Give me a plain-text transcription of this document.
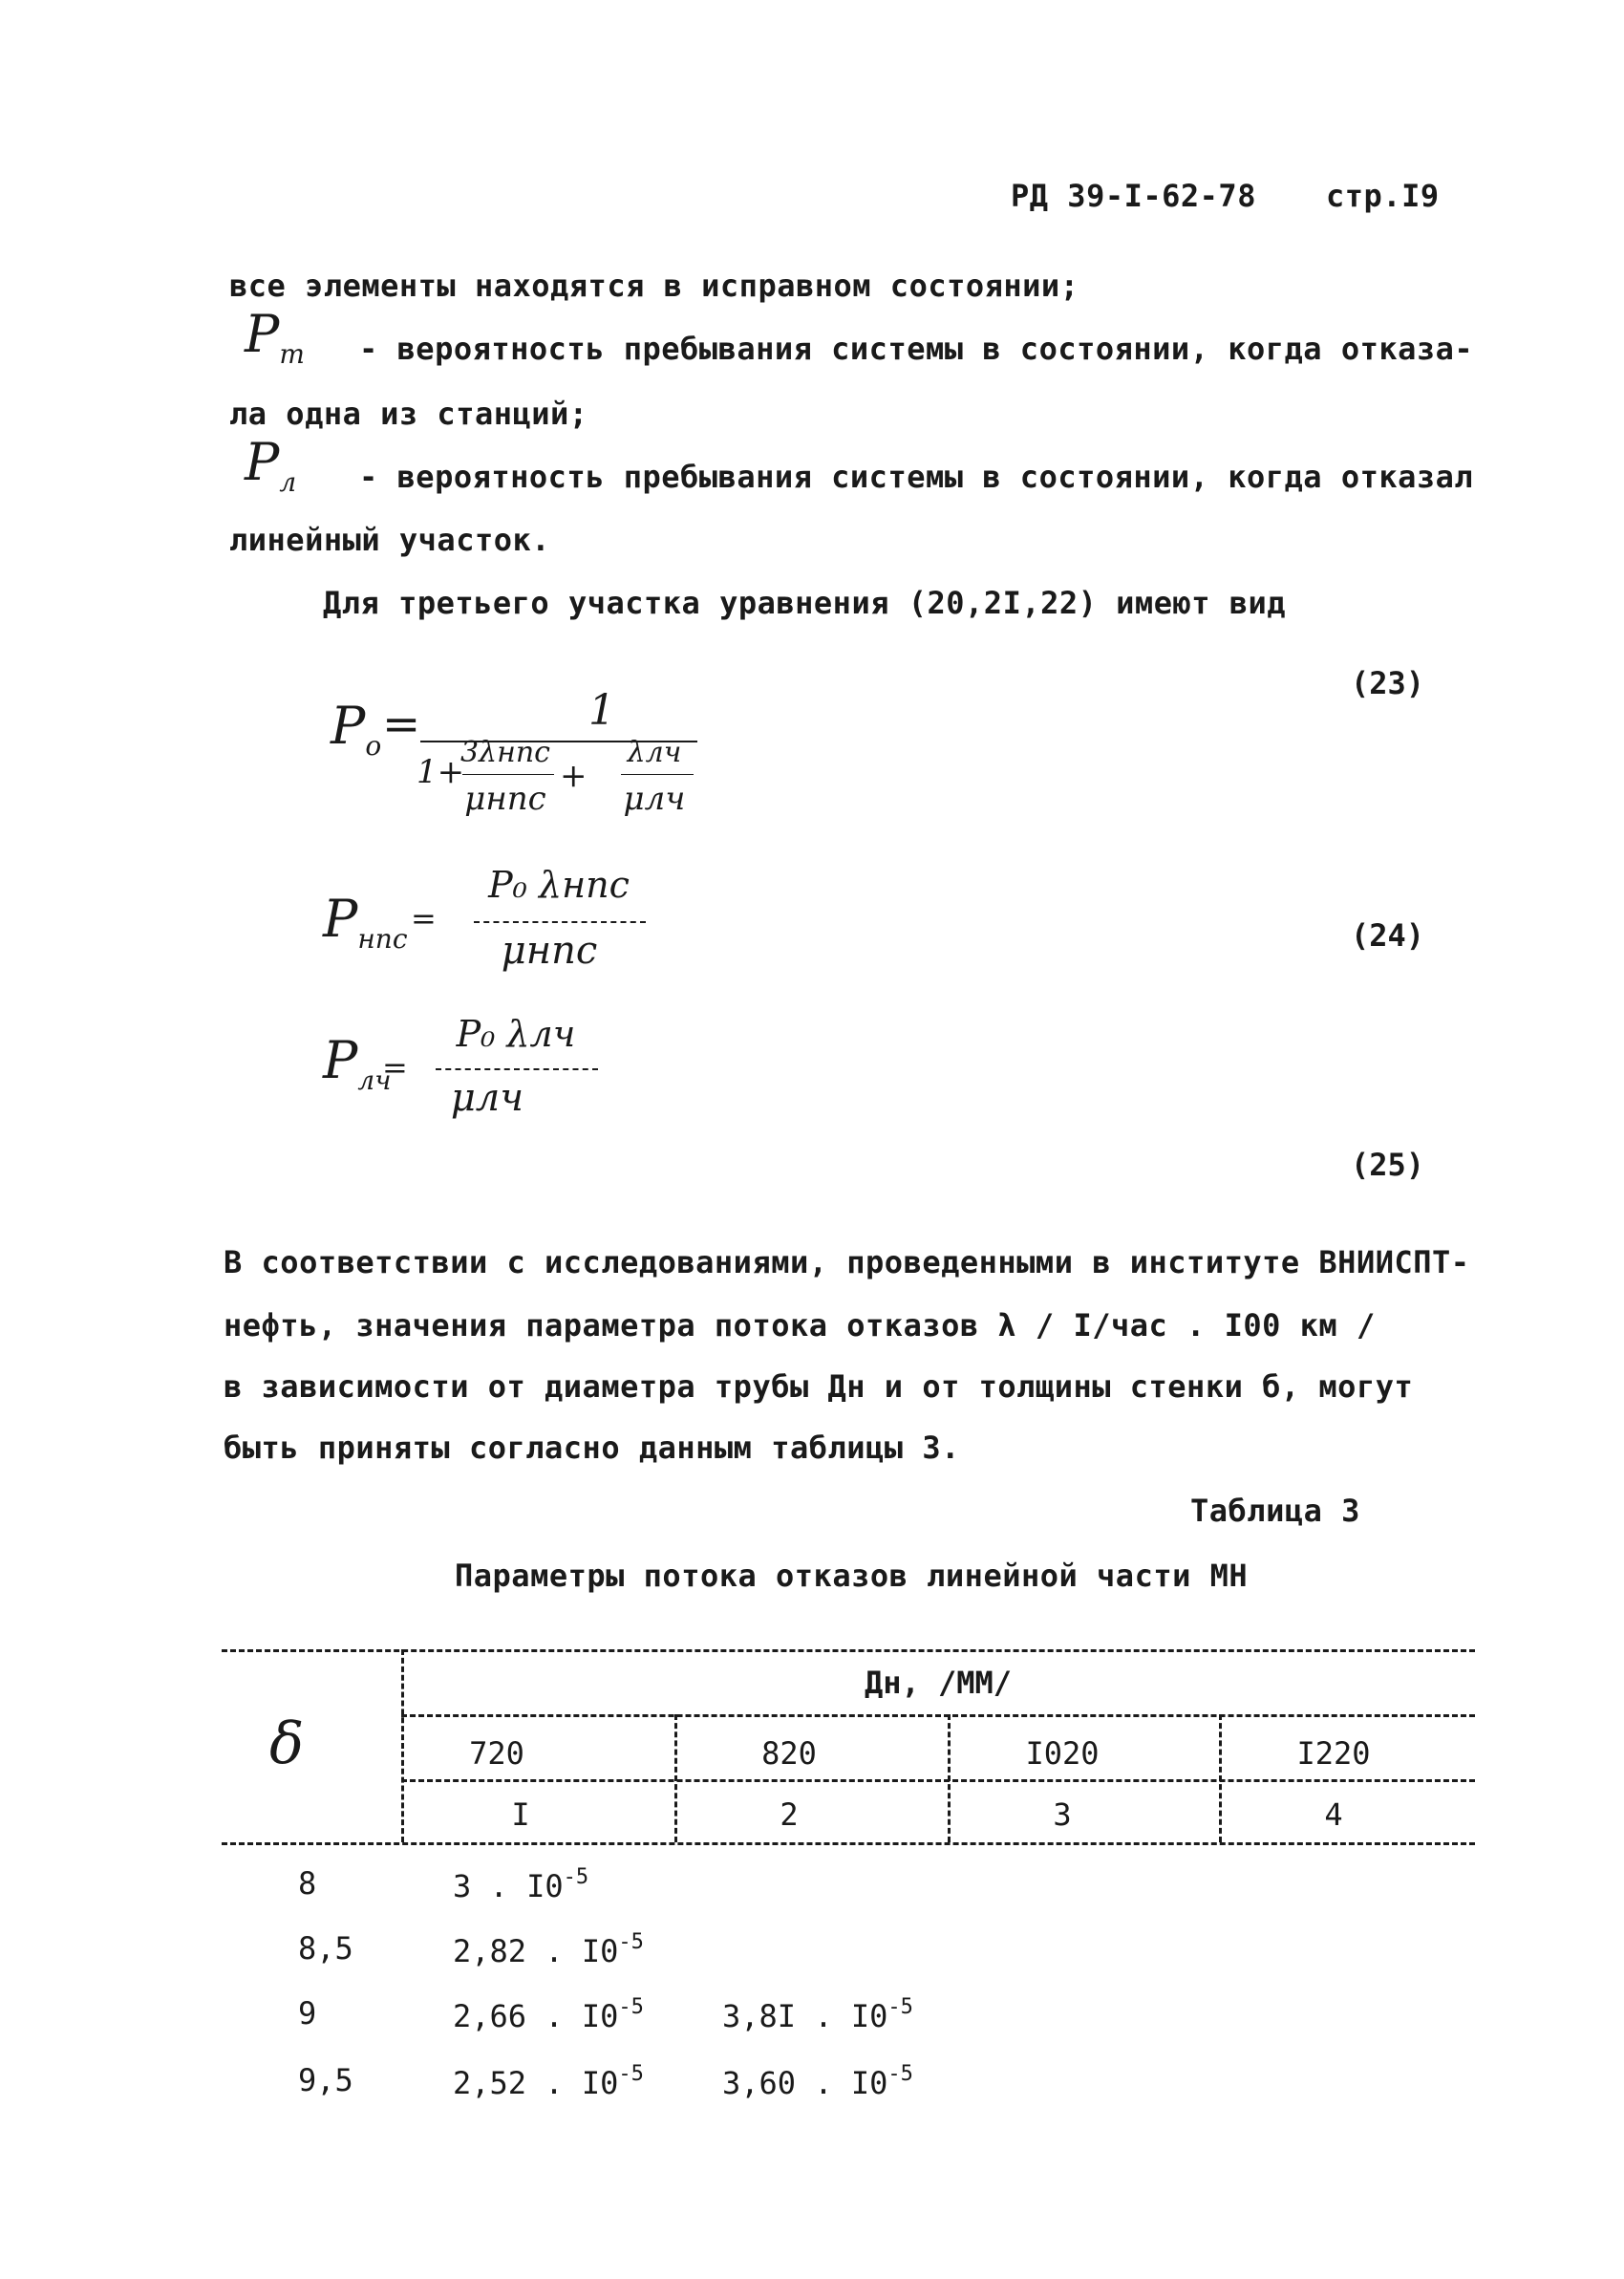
РД 39-I-62-78 стр.I9
все элементы находятся в исправном состоянии;
$P_т$ - вероятность пребывания системы в состоянии, когда отказа-
ла одна из станций;
$P_л$ - вероятность пребывания системы в состоянии, когда отказал
линейный участок.
Для третьего участка уравнения (20,2I,22) имеют вид
(23)
$P_о$ =	1
1+
3λнпс
μнпс
+
λлч
μлч
(24)
$P_{нпс}$
=
P₀ λнпс
μнпс
$P_{лч}$
=
P₀ λлч
μлч
(25)
В соответствии с исследованиями, проведенными в институте ВНИИСПТ-
нефть, значения параметра потока отказов λ / I/час . I00 км /
в зависимости от диаметра трубы Дн и от толщины стенки б, могут
быть приняты согласно данным таблицы 3.
Таблица 3
Параметры потока отказов линейной части МН
δ
Дн, /ММ/
720	820	I020	I220
I	2	3	4
8	3 . $I0^{-5}$
8,5	2,82 . $I0^{-5}$
9	2,66 . $I0^{-5}$	3,8I . $I0^{-5}$
9,5	2,52 . $I0^{-5}$	3,60 . $I0^{-5}$
